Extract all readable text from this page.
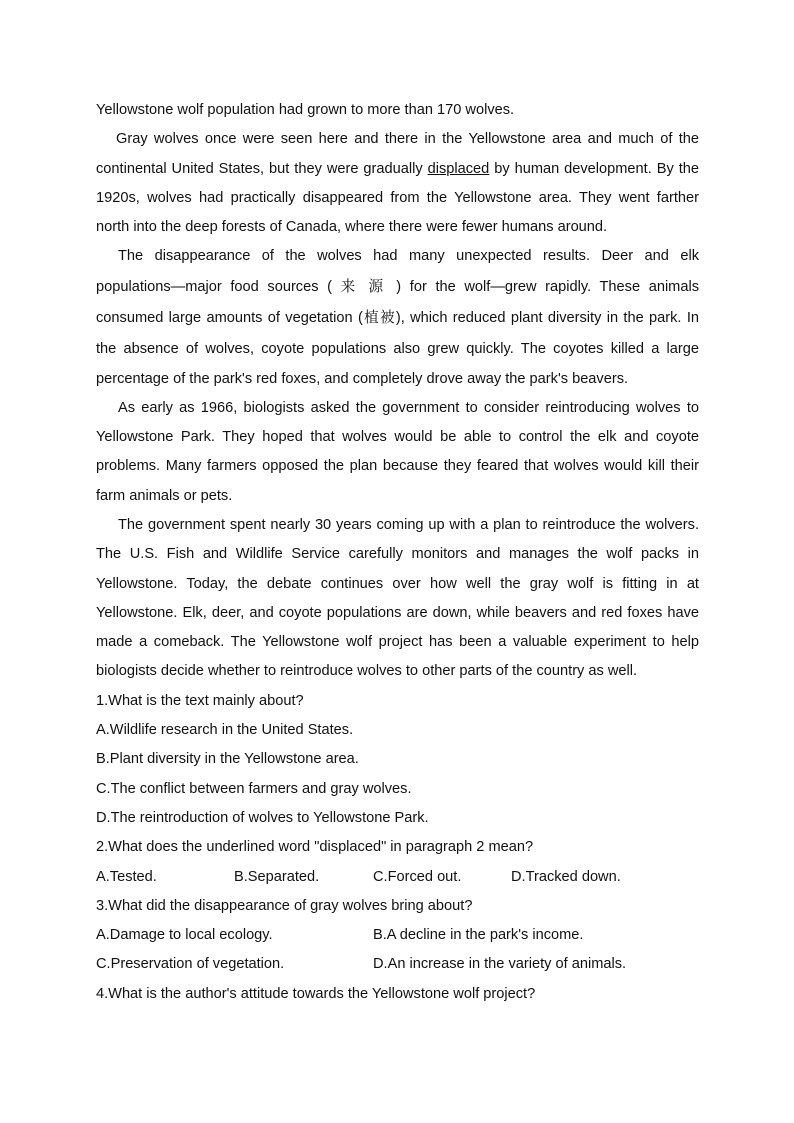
Yellowstone wolf population had grown to more than 170 wolves.
Gray wolves once were seen here and there in the Yellowstone area and much of the
continental United States, but they were gradually displaced by human development. By the
1920s, wolves had practically disappeared from the Yellowstone area. They went farther
north into the deep forests of Canada, where there were fewer humans around.
The disappearance of the wolves had many unexpected results. Deer and elk
populations—major food sources ( 来 源 ) for the wolf—grew rapidly. These animals
consumed large amounts of vegetation (植被), which reduced plant diversity in the park. In
the absence of wolves, coyote populations also grew quickly. The coyotes killed a large
percentage of the park's red foxes, and completely drove away the park's beavers.
As early as 1966, biologists asked the government to consider reintroducing wolves to
Yellowstone Park. They hoped that wolves would be able to control the elk and coyote
problems. Many farmers opposed the plan because they feared that wolves would kill their
farm animals or pets.
The government spent nearly 30 years coming up with a plan to reintroduce the wolvers.
The U.S. Fish and Wildlife Service carefully monitors and manages the wolf packs in
Yellowstone. Today, the debate continues over how well the gray wolf is fitting in at
Yellowstone. Elk, deer, and coyote populations are down, while beavers and red foxes have
made a comeback. The Yellowstone wolf project has been a valuable experiment to help
biologists decide whether to reintroduce wolves to other parts of the country as well.
1.What is the text mainly about?
A.Wildlife research in the United States.
B.Plant diversity in the Yellowstone area.
C.The conflict between farmers and gray wolves.
D.The reintroduction of wolves to Yellowstone Park.
2.What does the underlined word "displaced" in paragraph 2 mean?
A.Tested.	B.Separated.	C.Forced out.	D.Tracked down.
3.What did the disappearance of gray wolves bring about?
A.Damage to local ecology.	B.A decline in the park's income.
C.Preservation of vegetation.	D.An increase in the variety of animals.
4.What is the author's attitude towards the Yellowstone wolf project?
